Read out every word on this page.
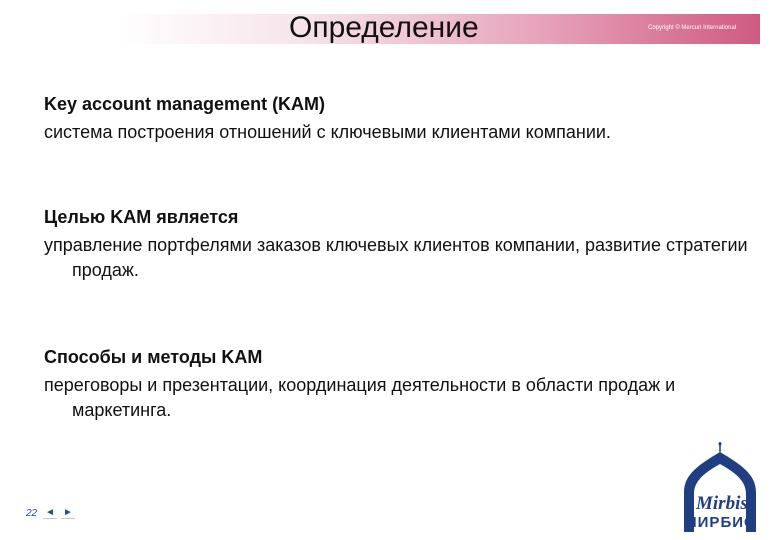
Определение	Copyright © Mercuri International
Key account management (KAM)

система построения отношений с ключевыми клиентами компании.

Целью KAM является

управление портфелями заказов ключевых клиентов компании, развитие стратегии продаж.

Способы и методы KAM

переговоры и презентации, координация деятельности в области продаж и маркетинга.

22 ◄ ►	Mirbis
МИРБИС
